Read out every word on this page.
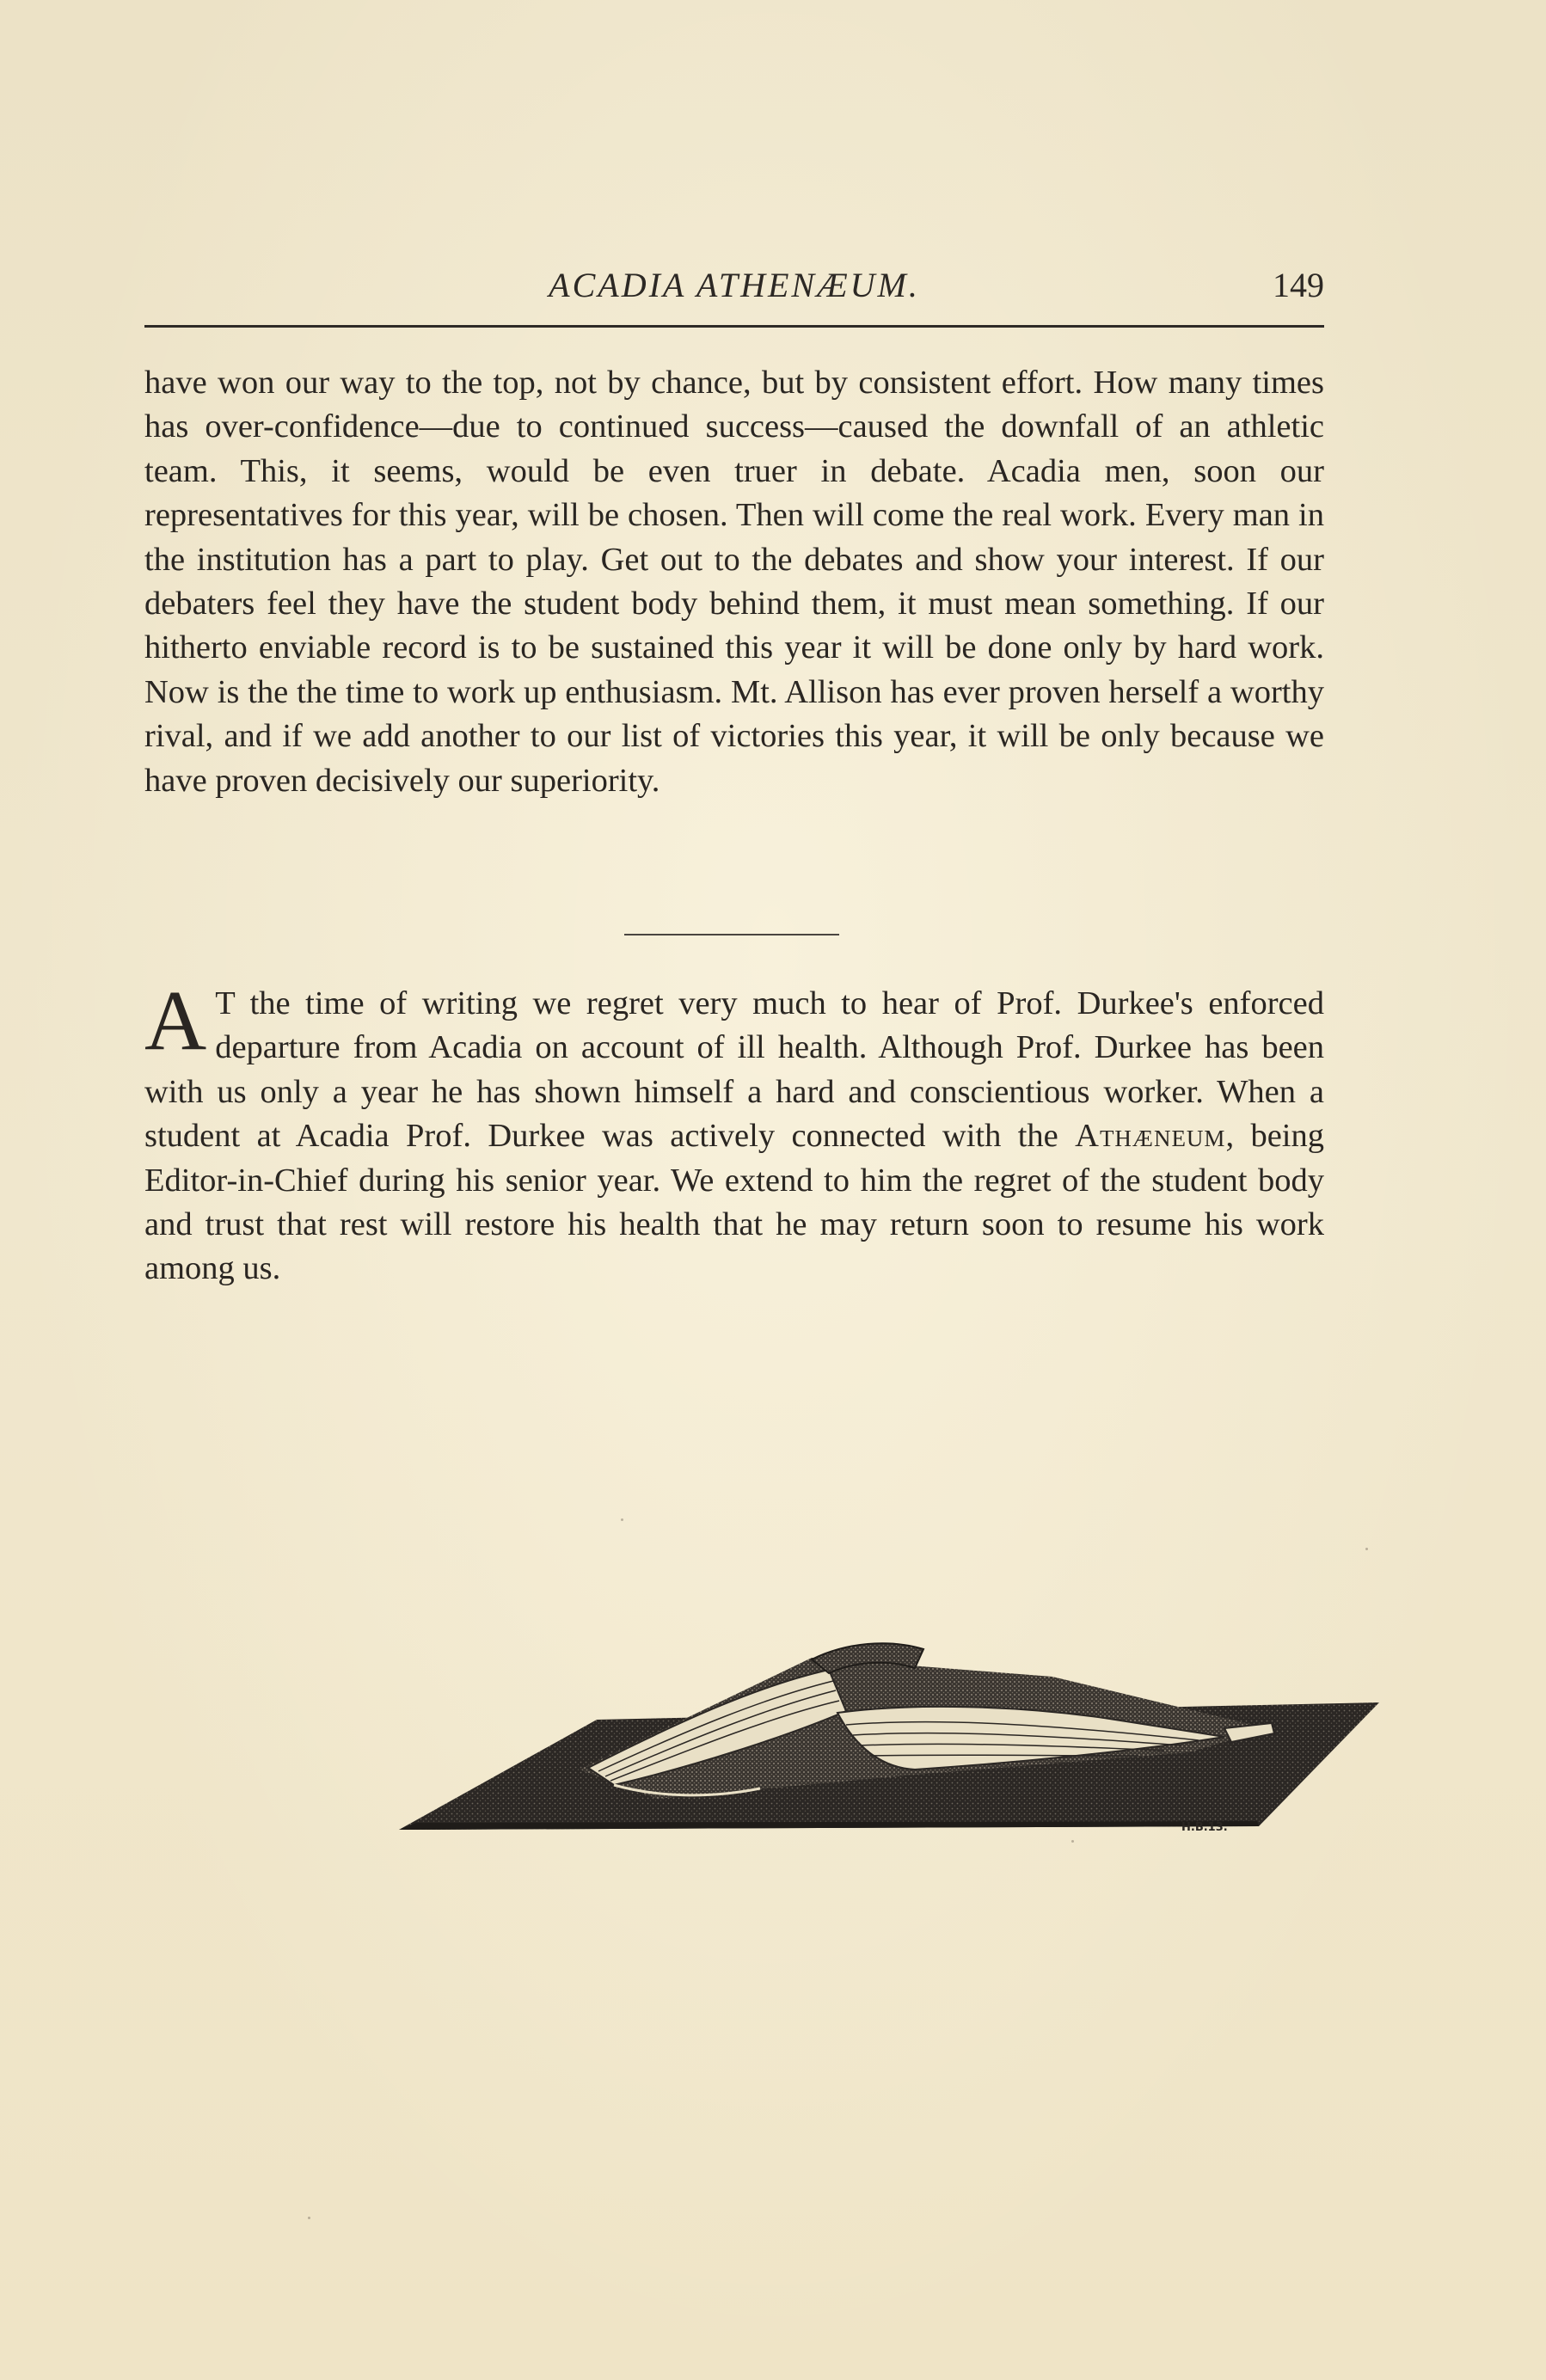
ACADIA ATHENÆUM.	149

have won our way to the top, not by chance, but by consistent effort. How many times has over-confidence—due to continued success—caused the downfall of an athletic team. This, it seems, would be even truer in debate. Acadia men, soon our representatives for this year, will be chosen. Then will come the real work. Every man in the institution has a part to play. Get out to the debates and show your interest. If our debaters feel they have the student body behind them, it must mean something. If our hitherto enviable record is to be sustained this year it will be done only by hard work. Now is the the time to work up enthusiasm. Mt. Allison has ever proven herself a worthy rival, and if we add another to our list of victories this year, it will be only because we have proven decisively our superiority.

A T the time of writing we regret very much to hear of Prof. Durkee's enforced departure from Acadia on account of ill health. Although Prof. Durkee has been with us only a year he has shown himself a hard and conscientious worker. When a student at Acadia Prof. Durkee was actively connected with the Athæneum, being Editor-in-Chief during his senior year. We extend to him the regret of the student body and trust that rest will restore his health that he may return soon to resume his work among us.

H.B.13.
